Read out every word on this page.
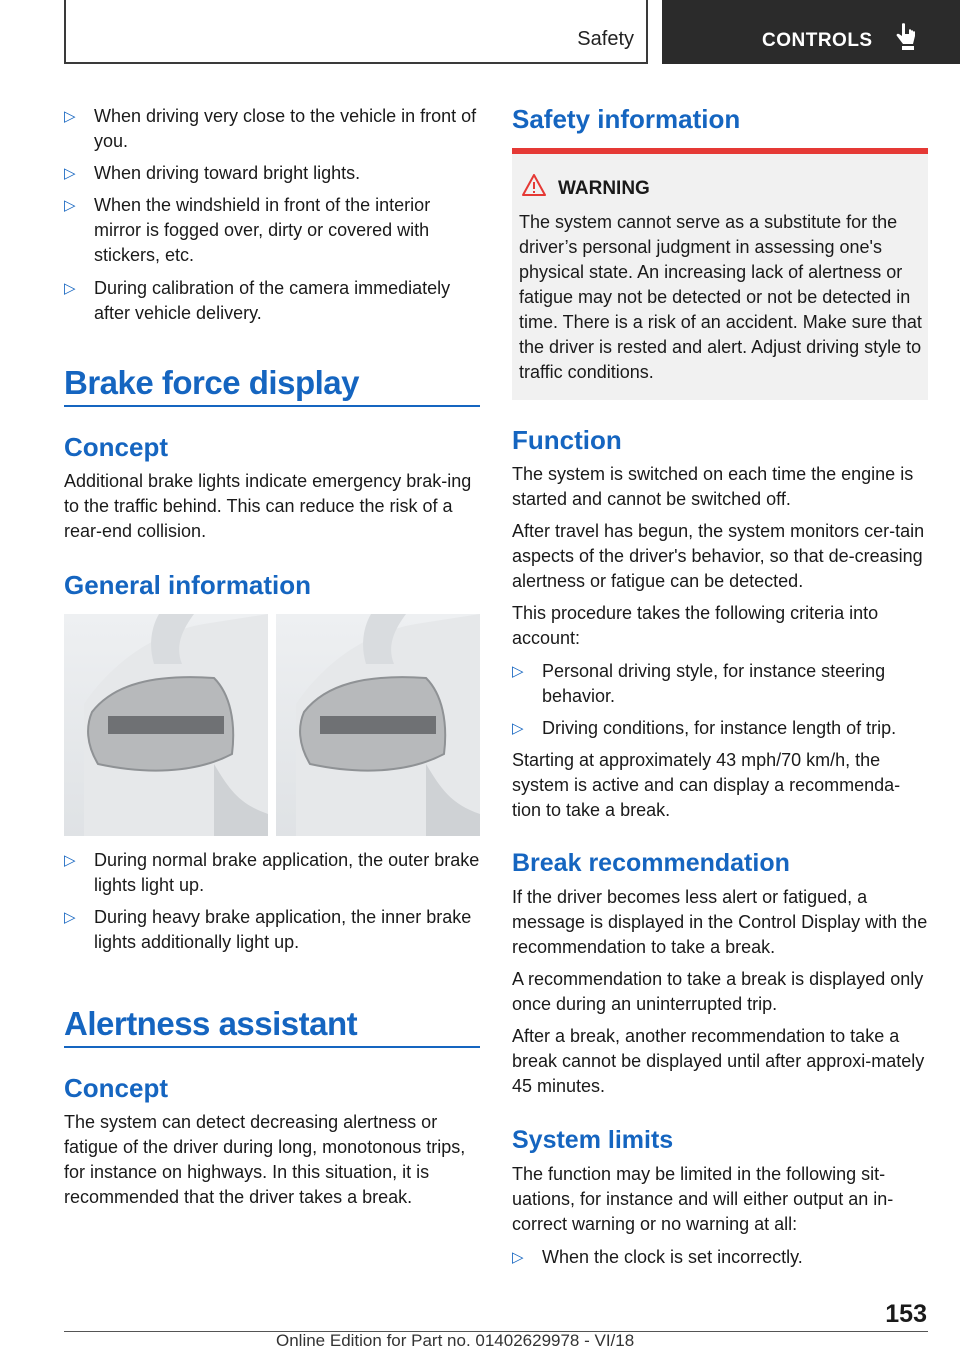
Safety	CONTROLS
▷ When driving very close to the vehicle in front of you.
▷ When driving toward bright lights.
▷ When the windshield in front of the interior mirror is fogged over, dirty or covered with stickers, etc.
▷ During calibration of the camera immediately after vehicle delivery.
Brake force display
Concept

Additional brake lights indicate emergency brak-ing to the traffic behind. This can reduce the risk of a rear-end collision.

General information
▷ During normal brake application, the outer brake lights light up.
▷ During heavy brake application, the inner brake lights additionally light up.
Alertness assistant
Concept

The system can detect decreasing alertness or fatigue of the driver during long, monotonous trips, for instance on highways. In this situation, it is recommended that the driver takes a break.

Safety information
WARNING
The system cannot serve as a substitute for the driver’s personal judgment in assessing one's physical state. An increasing lack of alertness or fatigue may not be detected or not be detected in time. There is a risk of an accident. Make sure that the driver is rested and alert. Adjust driving style to traffic conditions.
Function

The system is switched on each time the engine is started and cannot be switched off.

After travel has begun, the system monitors cer-tain aspects of the driver's behavior, so that de-creasing alertness or fatigue can be detected.

This procedure takes the following criteria into account:

▷ Personal driving style, for instance steering behavior.
▷ Driving conditions, for instance length of trip.

Starting at approximately 43 mph/70 km/h, the system is active and can display a recommenda-tion to take a break.

Break recommendation

If the driver becomes less alert or fatigued, a message is displayed in the Control Display with the recommendation to take a break.

A recommendation to take a break is displayed only once during an uninterrupted trip.

After a break, another recommendation to take a break cannot be displayed until after approxi-mately 45 minutes.

System limits

The function may be limited in the following sit-uations, for instance and will either output an in-correct warning or no warning at all:

▷ When the clock is set incorrectly.
153
Online Edition for Part no. 01402629978 - VI/18
